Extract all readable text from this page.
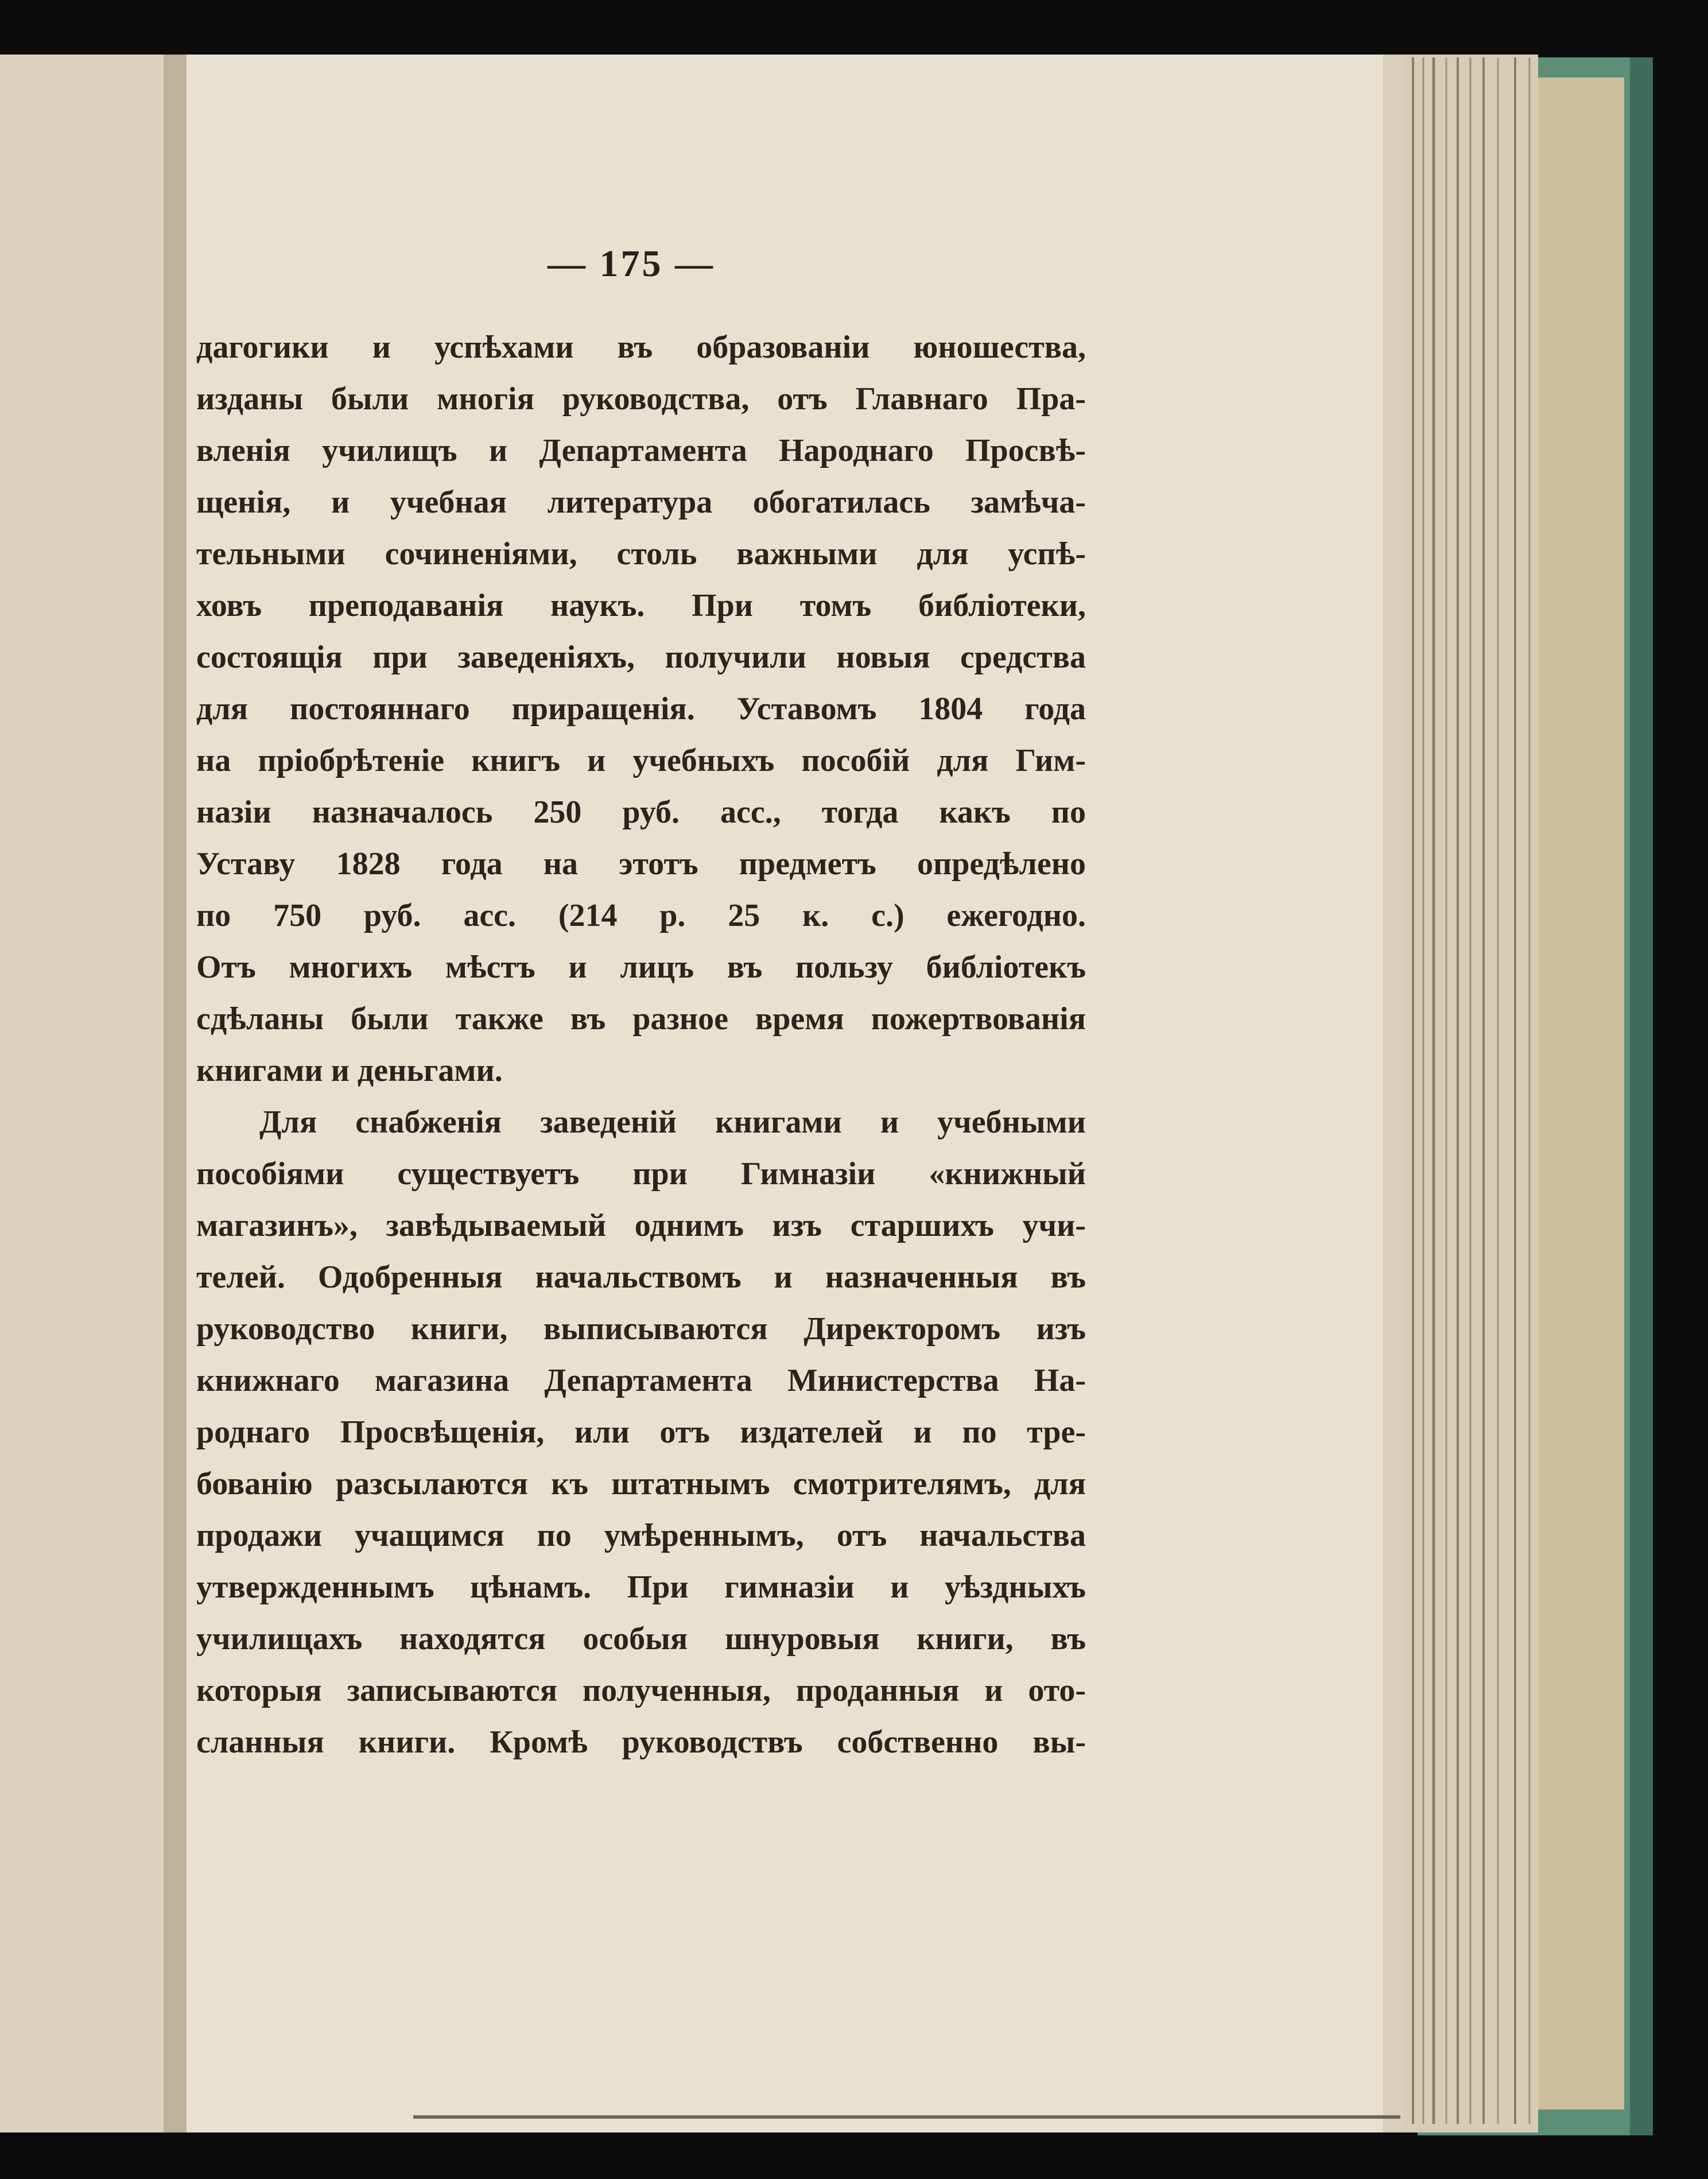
— 175 —
дагогики и успѣхами въ образованіи юношества,
изданы были многія руководства, отъ Главнаго Пра-
вленія училищъ и Департамента Народнаго Просвѣ-
щенія, и учебная литература обогатилась замѣча-
тельными сочиненіями, столь важными для успѣ-
ховъ преподаванія наукъ. При томъ библіотеки,
состоящія при заведеніяхъ, получили новыя средства
для постояннаго приращенія. Уставомъ 1804 года
на пріобрѣтеніе книгъ и учебныхъ пособій для Гим-
назіи назначалось 250 руб. асс., тогда какъ по
Уставу 1828 года на этотъ предметъ опредѣлено
по 750 руб. асс. (214 р. 25 к. с.) ежегодно.
Отъ многихъ мѣстъ и лицъ въ пользу библіотекъ
сдѣланы были также въ разное время пожертвованія
книгами и деньгами.
Для снабженія заведеній книгами и учебными
пособіями существуетъ при Гимназіи «книжный
магазинъ», завѣдываемый однимъ изъ старшихъ учи-
телей. Одобренныя начальствомъ и назначенныя въ
руководство книги, выписываются Директоромъ изъ
книжнаго магазина Департамента Министерства На-
роднаго Просвѣщенія, или отъ издателей и по тре-
бованію разсылаются къ штатнымъ смотрителямъ, для
продажи учащимся по умѣреннымъ, отъ начальства
утвержденнымъ цѣнамъ. При гимназіи и уѣздныхъ
училищахъ находятся особыя шнуровыя книги, въ
которыя записываются полученныя, проданныя и ото-
сланныя книги. Кромѣ руководствъ собственно вы-
